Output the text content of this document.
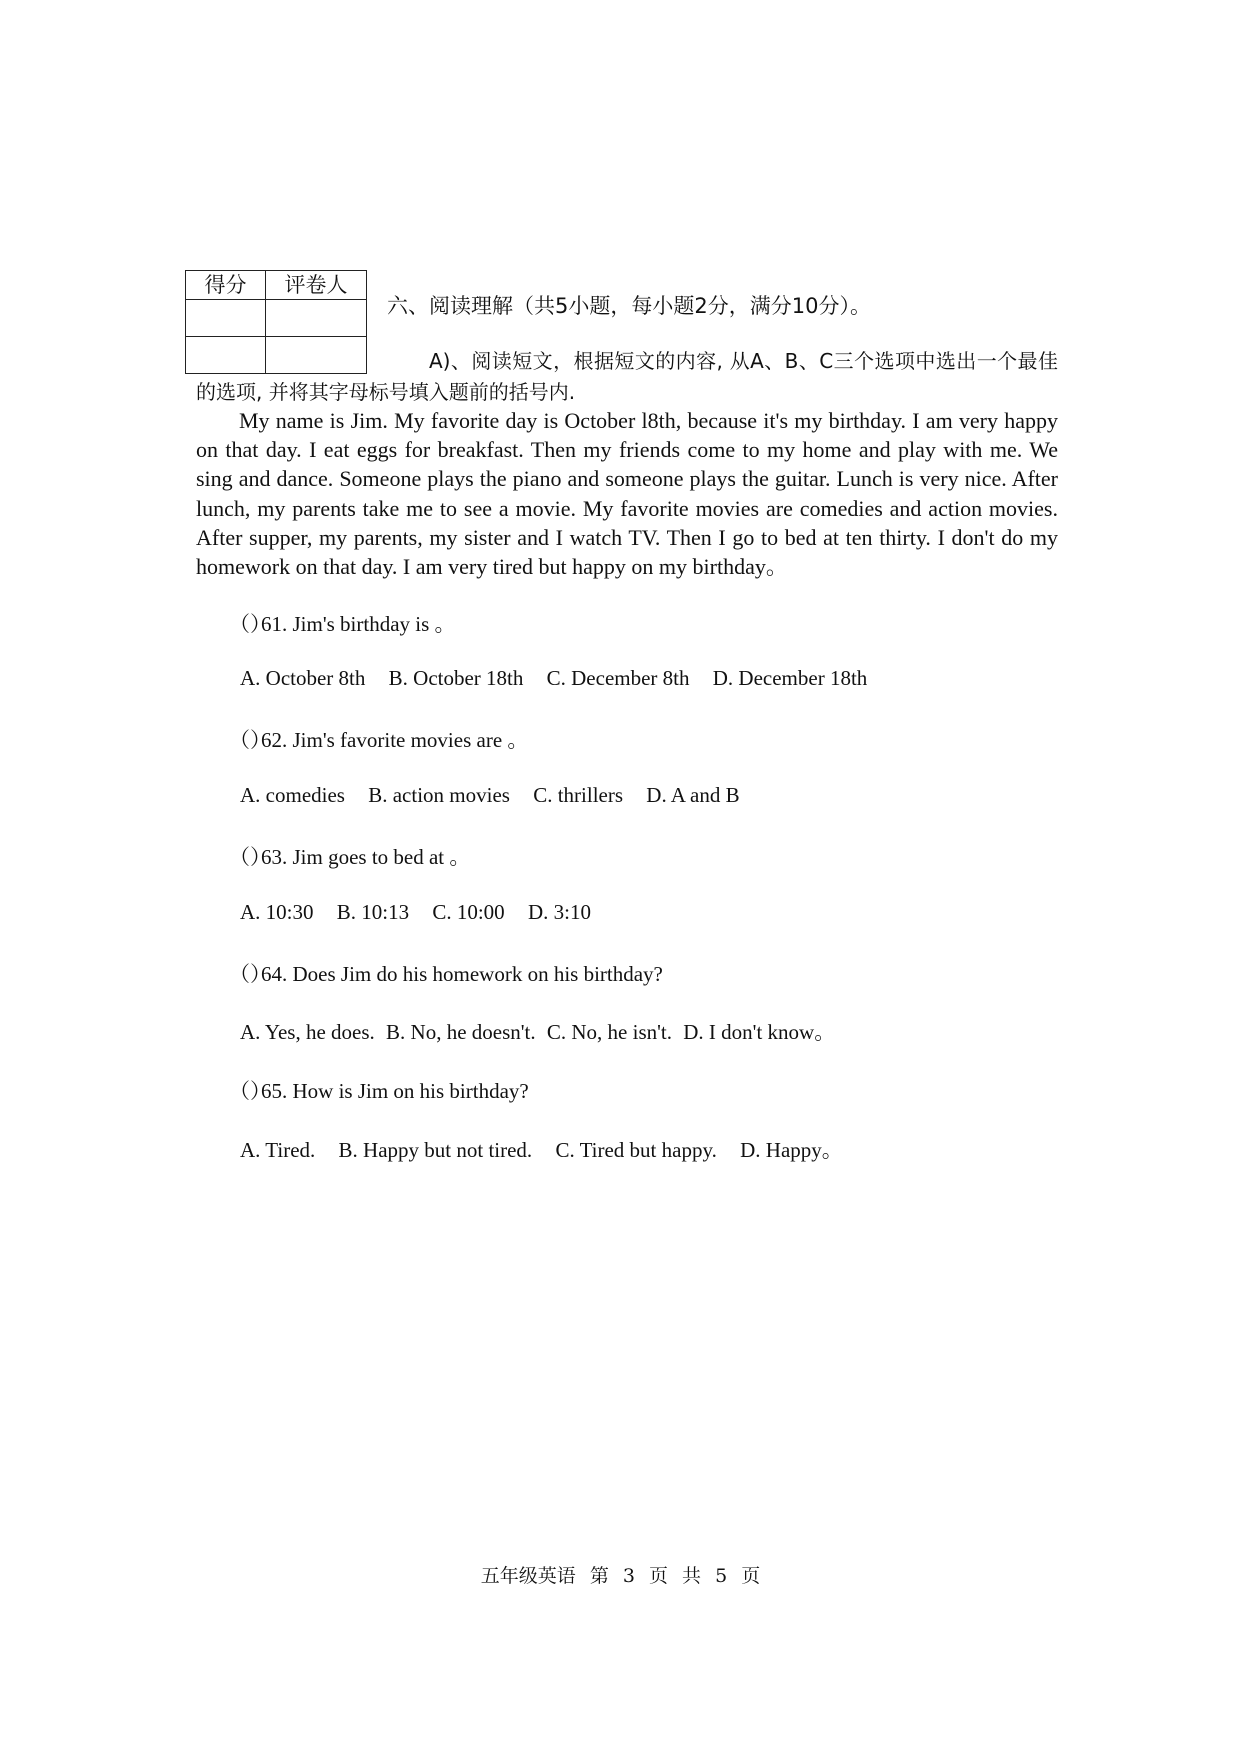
得分	评卷人

六、阅读理解（共5小题，每小题2分，满分10分）。
A)、阅读短文，根据短文的内容, 从A、B、C三个选项中选出一个最佳的选项, 并将其字母标号填入题前的括号内.
My name is Jim. My favorite day is October l8th, because it's my birthday. I am very happy on that day. I eat eggs for breakfast. Then my friends come to my home and play with me. We sing and dance. Someone plays the piano and someone plays the guitar. Lunch is very nice. After lunch, my parents take me to see a movie. My favorite movies are comedies and action movies. After supper, my parents, my sister and I watch TV. Then I go to bed at ten thirty. I don't do my homework on that day. I am very tired but happy on my birthday。
（）61. Jim's birthday is 。
A. October 8th B. October 18th C. December 8th D. December 18th
（）62. Jim's favorite movies are 。
A. comedies B. action movies C. thrillers D. A and B
（）63. Jim goes to bed at 。
A. 10:30 B. 10:13 C. 10:00 D. 3:10
（）64. Does Jim do his homework on his birthday?
A. Yes, he does. B. No, he doesn't. C. No, he isn't. D. I don't know。
（）65. How is Jim on his birthday?
A. Tired. B. Happy but not tired. C. Tired but happy. D. Happy。
五年级英语 第 3 页 共 5 页
